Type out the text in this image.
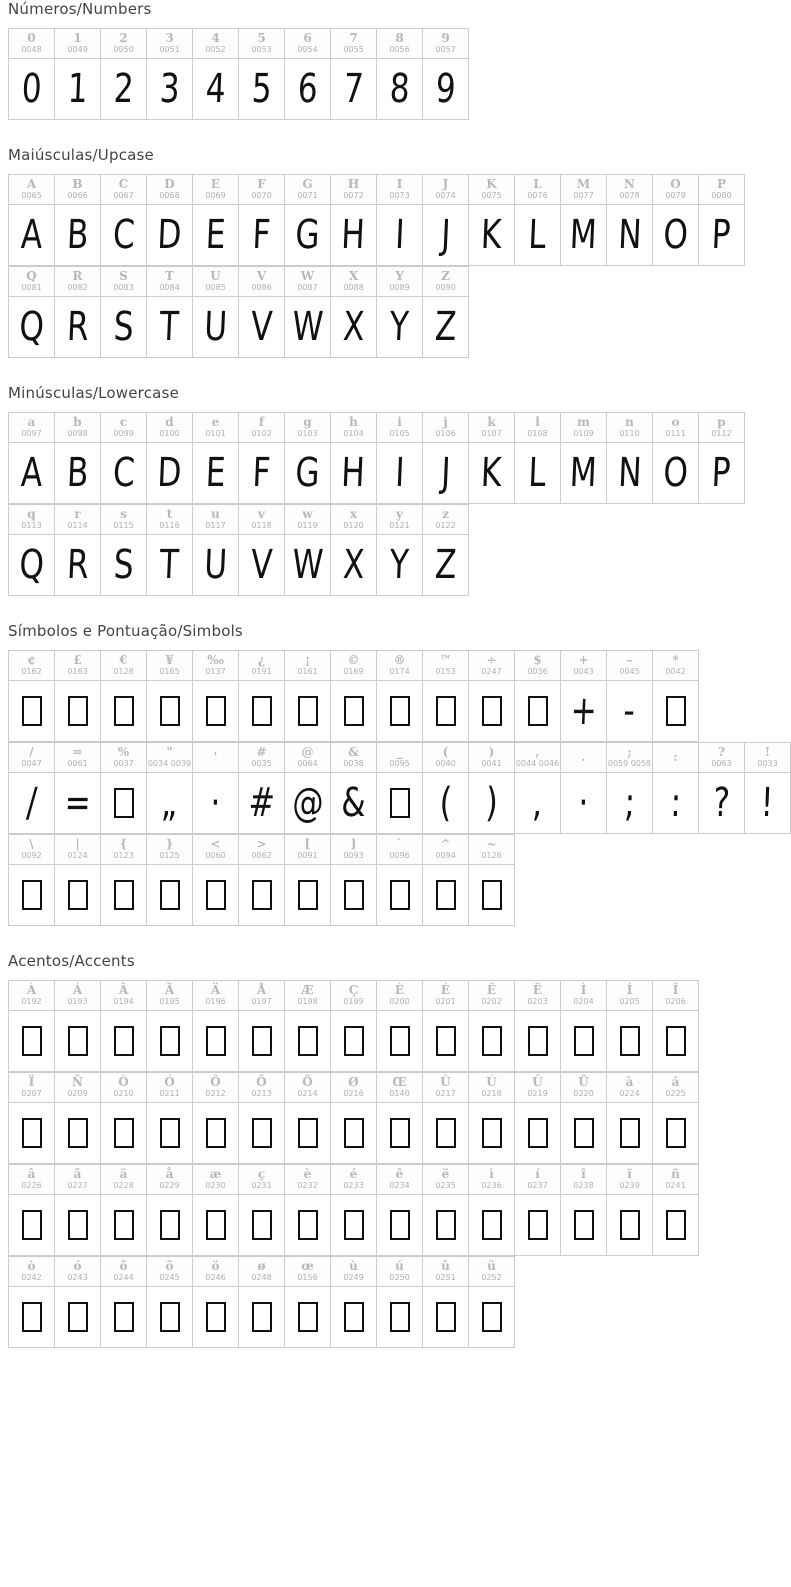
Números/Numbers
0
0048
0
1
0049
1
2
0050
2
3
0051
3
4
0052
4
5
0053
5
6
0054
6
7
0055
7
8
0056
8
9
0057
9
Maiúsculas/Upcase
A
0065
A
B
0066
B
C
0067
C
D
0068
D
E
0069
E
F
0070
F
G
0071
G
H
0072
H
I
0073
I
J
0074
J
K
0075
K
L
0076
L
M
0077
M
N
0078
N
O
0079
O
P
0080
P
Q
0081
Q
R
0082
R
S
0083
S
T
0084
T
U
0085
U
V
0086
V
W
0087
W
X
0088
X
Y
0089
Y
Z
0090
Z
Minúsculas/Lowercase
a
0097
A
b
0098
B
c
0099
C
d
0100
D
e
0101
E
f
0102
F
g
0103
G
h
0104
H
i
0105
I
j
0106
J
k
0107
K
l
0108
L
m
0109
M
n
0110
N
o
0111
O
p
0112
P
q
0113
Q
r
0114
R
s
0115
S
t
0116
T
u
0117
U
v
0118
V
w
0119
W
x
0120
X
y
0121
Y
z
0122
Z
Símbolos e Pontuação/Simbols
¢
0162
£
0163
€
0128
¥
0165
‰
0137
¿
0191
¡
0161
©
0169
®
0174
™
0153
÷
0247
$
0036
+
0043
+
–
0045
-
*
0042
/
0047
/
=
0061
=
%
0037
"
0034 0039
„
'
·
#
0035
#
@
0064
@
&
0038
&
_
0095
(
0040
(
)
0041
)
,
0044 0046
,
.
·
;
0059 0058
;
:
:
?
0063
?
!
0033
!
\
0092
|
0124
{
0123
}
0125
<
0060
>
0062
[
0091
]
0093
`
0096
^
0094
~
0126
Acentos/Accents
À
0192
Á
0193
Â
0194
Ã
0195
Ä
0196
Å
0197
Æ
0198
Ç
0199
È
0200
É
0201
Ê
0202
Ë
0203
Ì
0204
Í
0205
Î
0206
Ï
0207
Ñ
0209
Ò
0210
Ó
0211
Ô
0212
Õ
0213
Ö
0214
Ø
0216
Œ
0140
Ù
0217
Ú
0218
Û
0219
Ü
0220
à
0224
á
0225
â
0226
ã
0227
ä
0228
å
0229
æ
0230
ç
0231
è
0232
é
0233
ê
0234
ë
0235
ì
0236
í
0237
î
0238
ï
0239
ñ
0241
ò
0242
ó
0243
ô
0244
õ
0245
ö
0246
ø
0248
œ
0156
ù
0249
ú
0250
û
0251
ü
0252
